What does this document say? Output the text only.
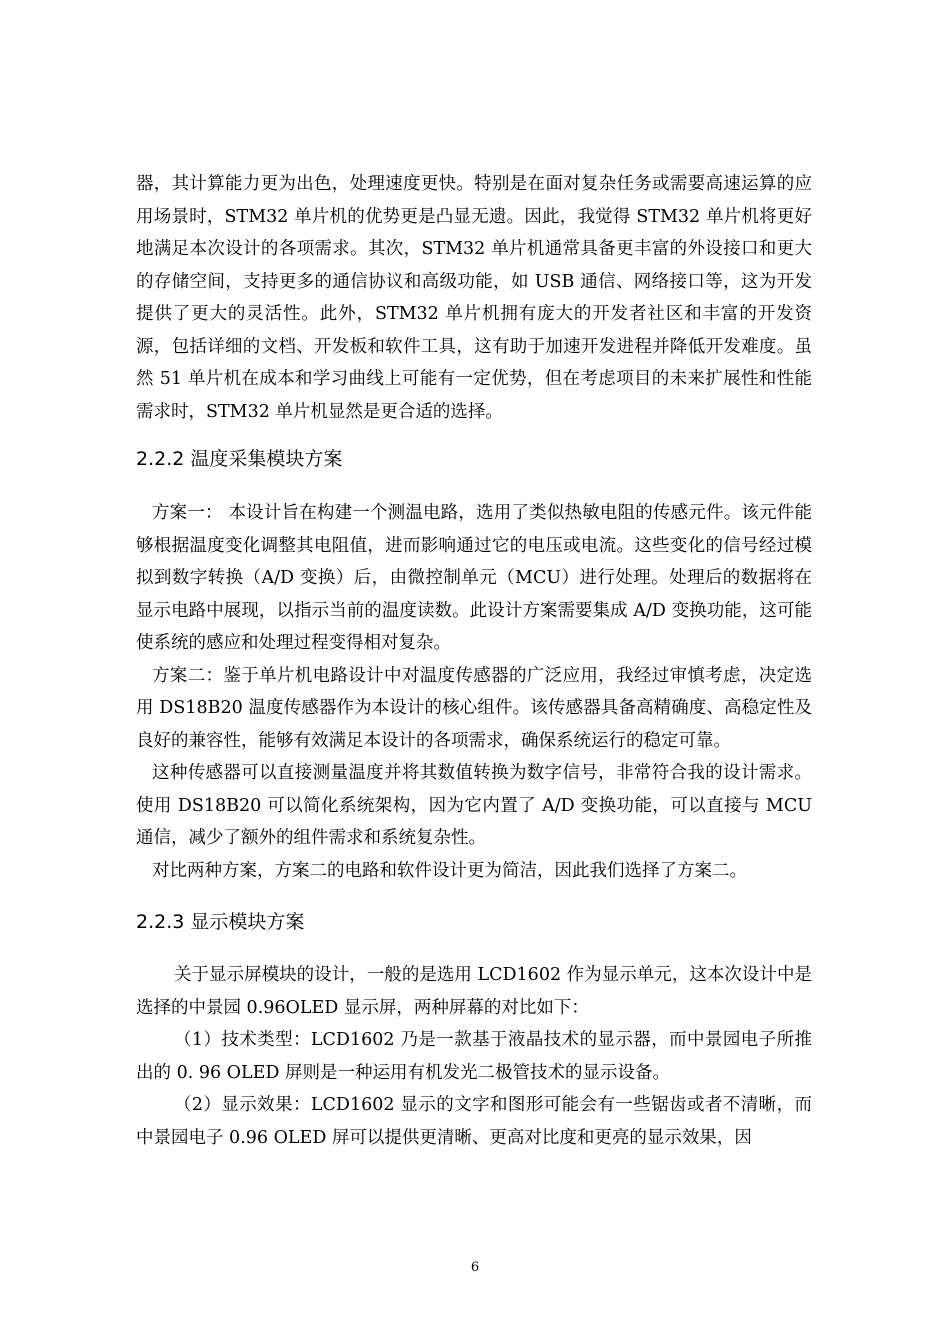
器，其计算能力更为出色，处理速度更快。特别是在面对复杂任务或需要高速运算的应用场景时，STM32 单片机的优势更是凸显无遗。因此，我觉得 STM32 单片机将更好地满足本次设计的各项需求。其次，STM32 单片机通常具备更丰富的外设接口和更大的存储空间，支持更多的通信协议和高级功能，如 USB 通信、网络接口等，这为开发提供了更大的灵活性。此外，STM32 单片机拥有庞大的开发者社区和丰富的开发资源，包括详细的文档、开发板和软件工具，这有助于加速开发进程并降低开发难度。虽然 51 单片机在成本和学习曲线上可能有一定优势，但在考虑项目的未来扩展性和性能需求时，STM32 单片机显然是更合适的选择。

2.2.2 温度采集模块方案

方案一： 本设计旨在构建一个测温电路，选用了类似热敏电阻的传感元件。该元件能够根据温度变化调整其电阻值，进而影响通过它的电压或电流。这些变化的信号经过模拟到数字转换（A/D 变换）后，由微控制单元（MCU）进行处理。处理后的数据将在显示电路中展现，以指示当前的温度读数。此设计方案需要集成 A/D 变换功能，这可能使系统的感应和处理过程变得相对复杂。

方案二：鉴于单片机电路设计中对温度传感器的广泛应用，我经过审慎考虑，决定选用 DS18B20 温度传感器作为本设计的核心组件。该传感器具备高精确度、高稳定性及良好的兼容性，能够有效满足本设计的各项需求，确保系统运行的稳定可靠。

这种传感器可以直接测量温度并将其数值转换为数字信号，非常符合我的设计需求。使用 DS18B20 可以简化系统架构，因为它内置了 A/D 变换功能，可以直接与 MCU 通信，减少了额外的组件需求和系统复杂性。

对比两种方案，方案二的电路和软件设计更为简洁，因此我们选择了方案二。

2.2.3 显示模块方案

关于显示屏模块的设计，一般的是选用 LCD1602 作为显示单元，这本次设计中是选择的中景园 0.96OLED 显示屏，两种屏幕的对比如下：

（1）技术类型：LCD1602 乃是一款基于液晶技术的显示器，而中景园电子所推出的 0. 96 OLED 屏则是一种运用有机发光二极管技术的显示设备。

（2）显示效果：LCD1602 显示的文字和图形可能会有一些锯齿或者不清晰，而中景园电子 0.96 OLED 屏可以提供更清晰、更高对比度和更亮的显示效果，因

6
